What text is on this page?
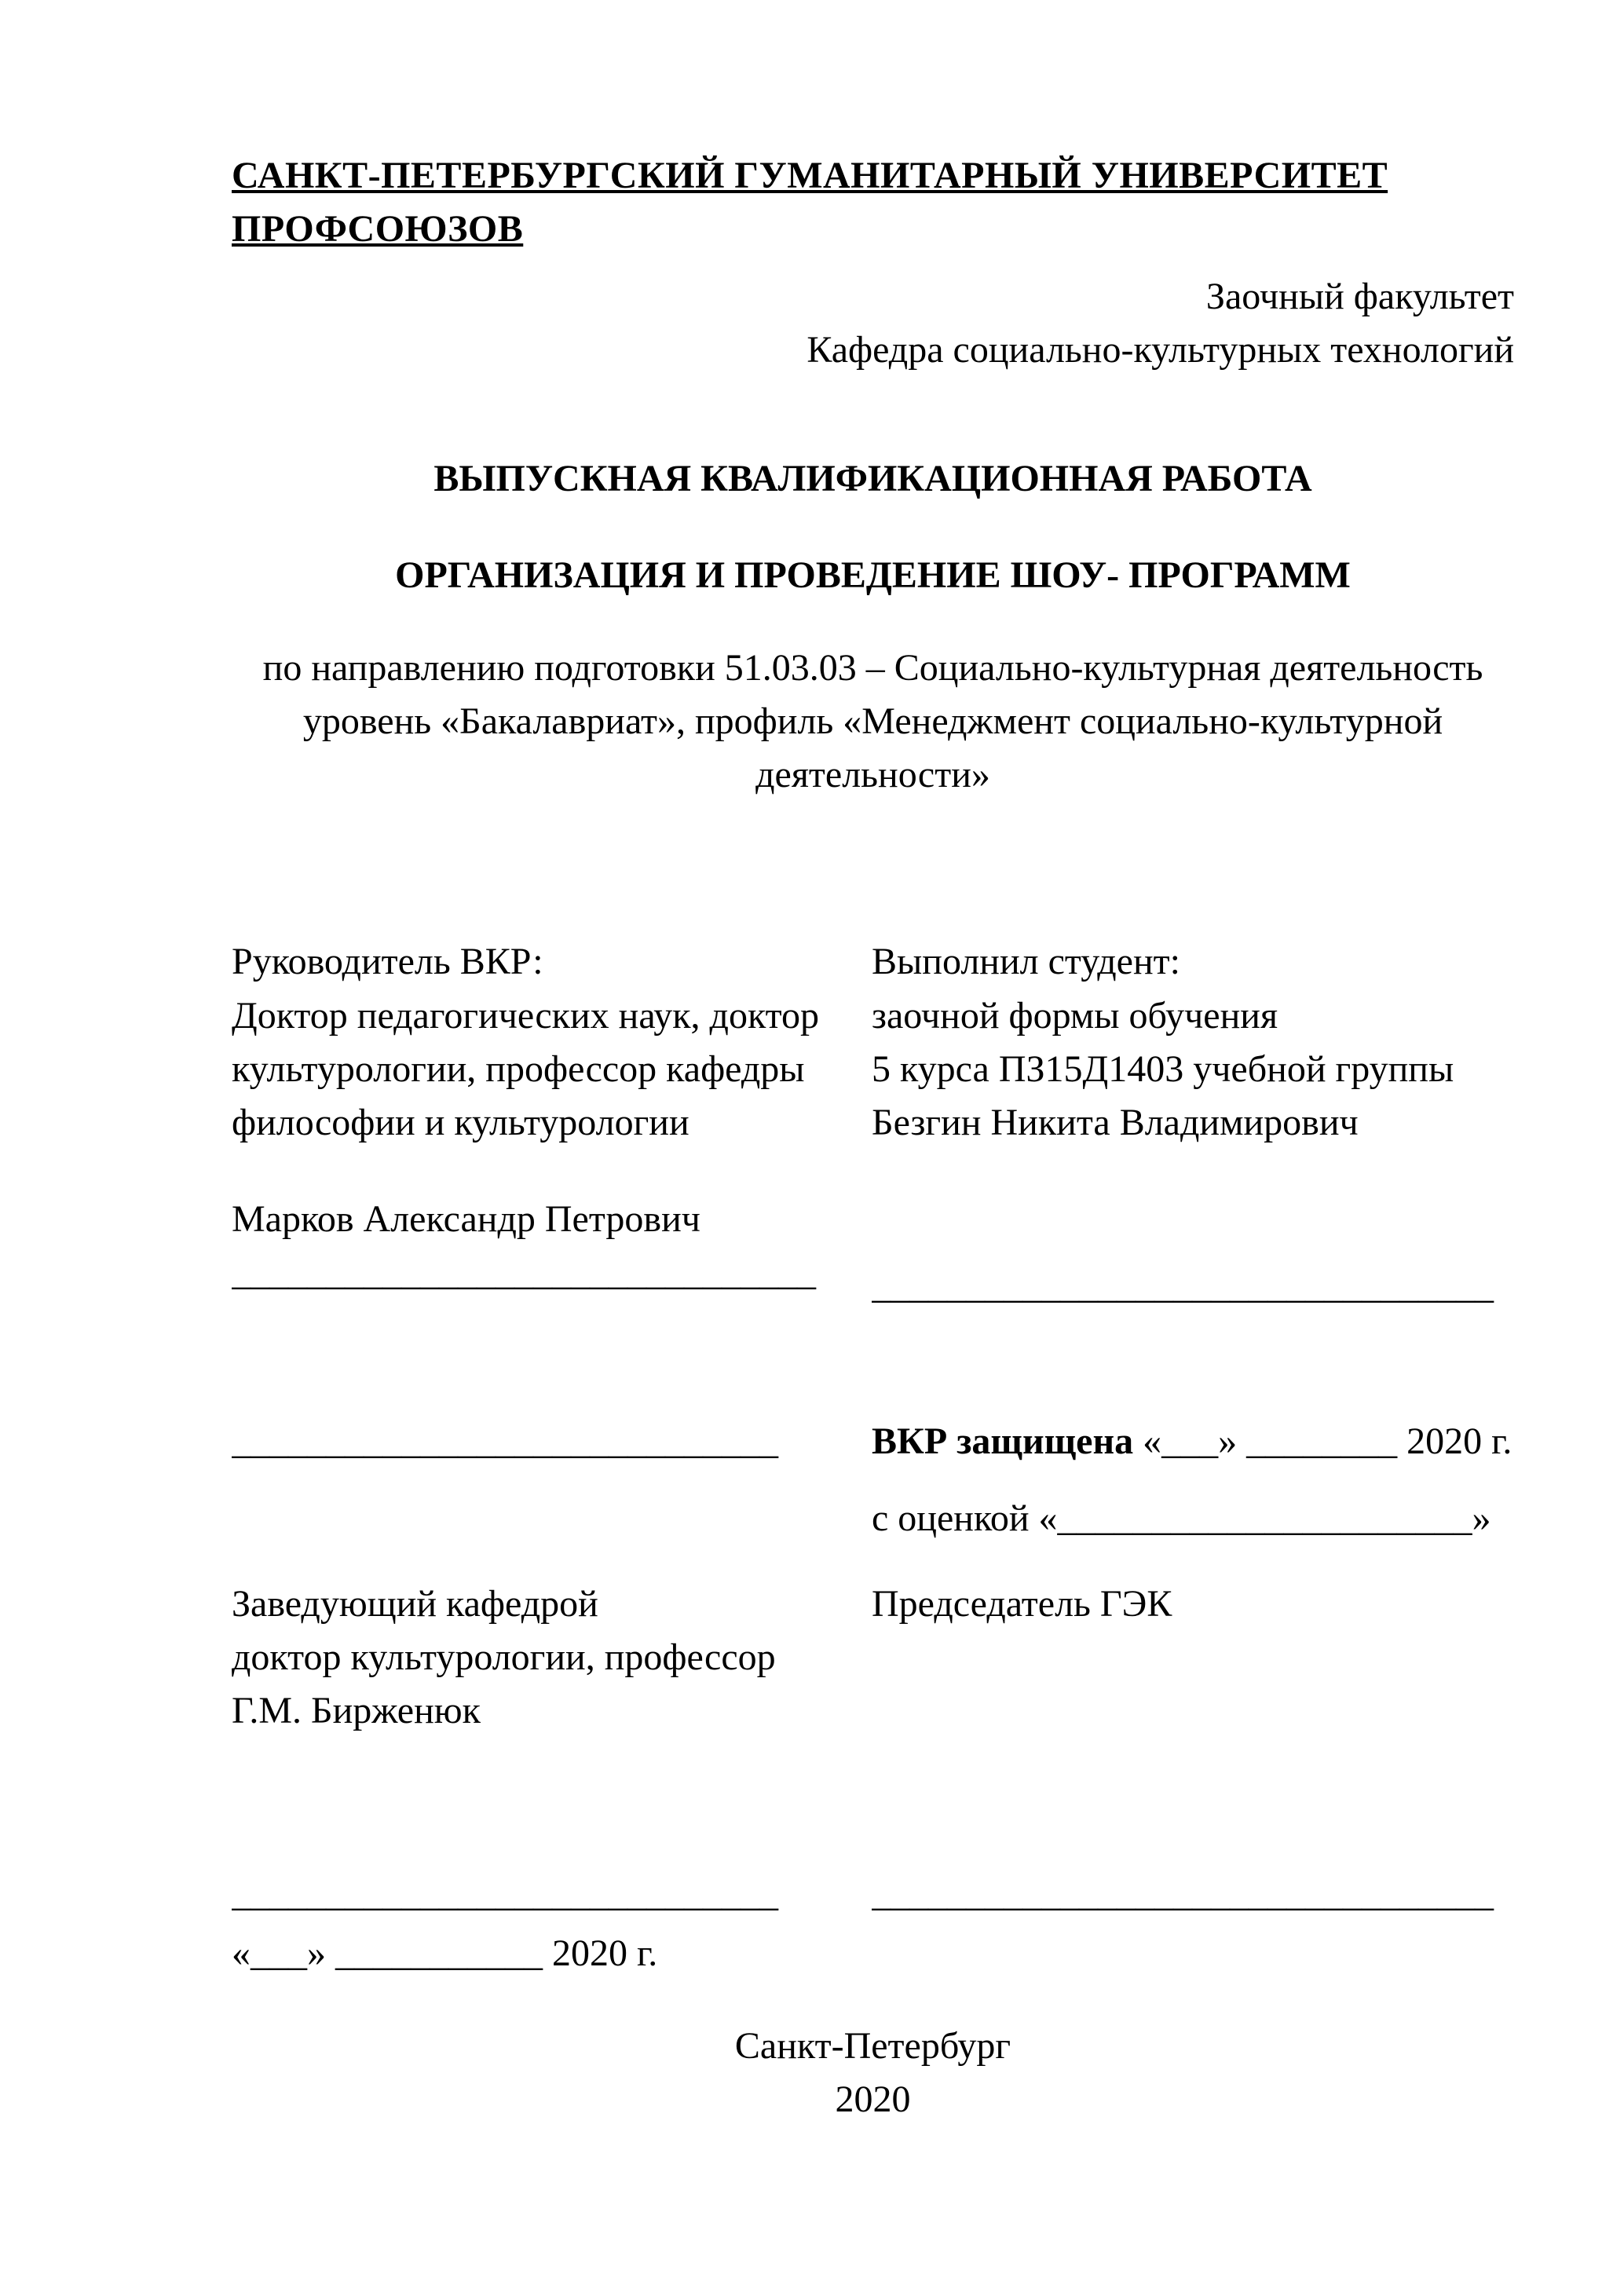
САНКТ-ПЕТЕРБУРГСКИЙ ГУМАНИТАРНЫЙ УНИВЕРСИТЕТ ПРОФСОЮЗОВ
Заочный факультет
Кафедра социально-культурных технологий
ВЫПУСКНАЯ КВАЛИФИКАЦИОННАЯ РАБОТА
ОРГАНИЗАЦИЯ И ПРОВЕДЕНИЕ ШОУ- ПРОГРАММ
по направлению подготовки 51.03.03 – Социально-культурная деятельность
уровень «Бакалавриат», профиль «Менеджмент социально-культурной
деятельности»
Руководитель ВКР:
Доктор педагогических наук, доктор
культурологии, профессор кафедры
философии и культурологии
Марков Александр Петрович
_______________________________
Выполнил студент:
заочной формы обучения
5 курса ПЗ15Д1403 учебной группы
Безгин Никита Владимирович
_________________________________
_____________________________	ВКР защищена «___» ________ 2020 г.
с оценкой «______________________»
Заведующий кафедрой
доктор культурологии, профессор
Г.М. Бирженюк
Председатель ГЭК
_____________________________
«___» ___________ 2020 г.
_________________________________
Санкт-Петербург
2020
